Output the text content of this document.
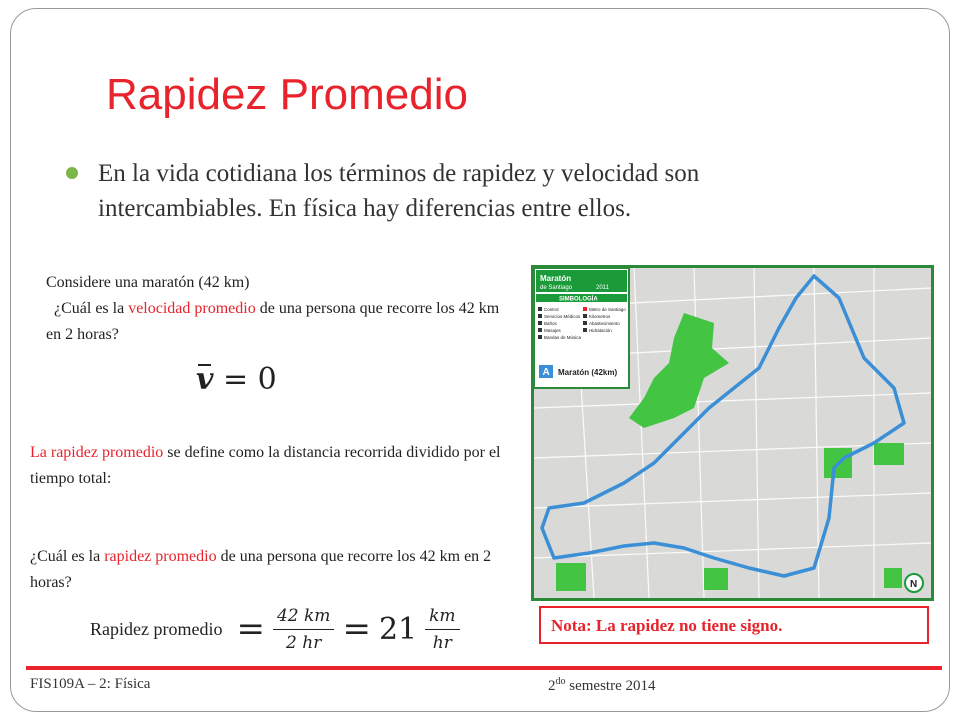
Rapidez Promedio
En la vida cotidiana los términos de rapidez y velocidad son intercambiables. En física hay diferencias entre ellos.
Considere una maratón (42 km)
¿Cuál es la velocidad promedio de una persona que recorre los 42 km en 2 horas?
v = 0
La rapidez promedio se define como la distancia recorrida dividido por el tiempo total:
¿Cuál es la rapidez promedio de una persona que recorre los 42 km en 2 horas?
Rapidez promedio = $\frac{42 km}{2 hr} = 21 \frac{km}{hr}$
Maratón
de Santiago	2011
SIMBOLOGÍA
Control
Servicios Médicos
Baños
Masajes
Bandas de Música
Metro de Santiago
Kilometros
Abastecimiento
Hidratación
A Maratón (42km)
N
Nota: La rapidez no tiene signo.
FIS109A – 2: Física	$2^{do}$ semestre 2014
